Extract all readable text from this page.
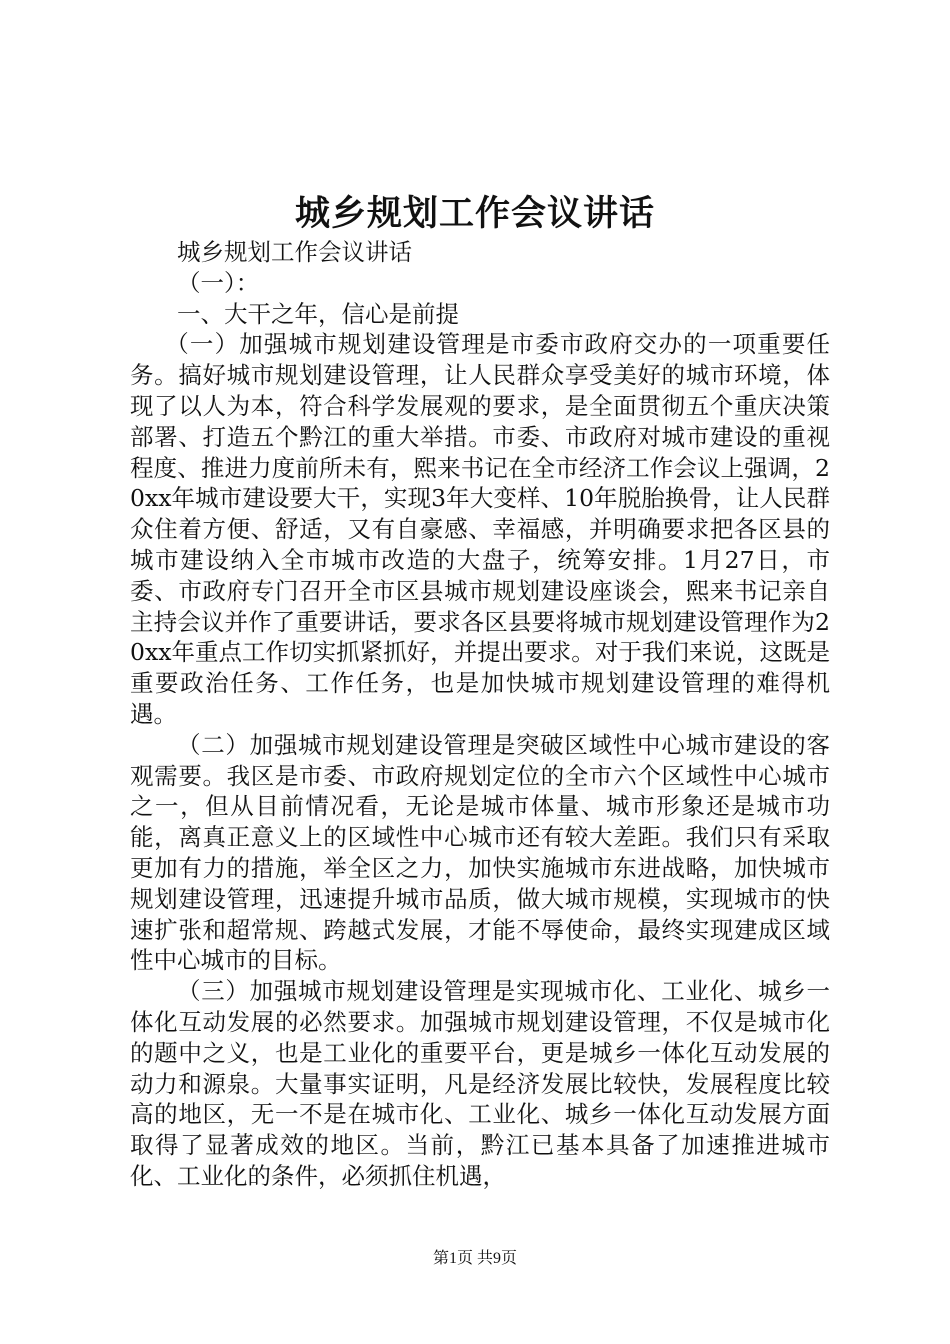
城乡规划工作会议讲话

城乡规划工作会议讲话

（一）：

一、大干之年，信心是前提

（一）加强城市规划建设管理是市委市政府交办的一项重要任务。搞好城市规划建设管理，让人民群众享受美好的城市环境，体现了以人为本，符合科学发展观的要求，是全面贯彻五个重庆决策部署、打造五个黔江的重大举措。市委、市政府对城市建设的重视程度、推进力度前所未有，熙来书记在全市经济工作会议上强调，20xx年城市建设要大干，实现3年大变样、10年脱胎换骨，让人民群众住着方便、舒适，又有自豪感、幸福感，并明确要求把各区县的城市建设纳入全市城市改造的大盘子，统筹安排。1月27日，市委、市政府专门召开全市区县城市规划建设座谈会，熙来书记亲自主持会议并作了重要讲话，要求各区县要将城市规划建设管理作为20xx年重点工作切实抓紧抓好，并提出要求。对于我们来说，这既是重要政治任务、工作任务，也是加快城市规划建设管理的难得机遇。

（二）加强城市规划建设管理是突破区域性中心城市建设的客观需要。我区是市委、市政府规划定位的全市六个区域性中心城市之一，但从目前情况看，无论是城市体量、城市形象还是城市功能，离真正意义上的区域性中心城市还有较大差距。我们只有采取更加有力的措施，举全区之力，加快实施城市东进战略，加快城市规划建设管理，迅速提升城市品质，做大城市规模，实现城市的快速扩张和超常规、跨越式发展，才能不辱使命，最终实现建成区域性中心城市的目标。

（三）加强城市规划建设管理是实现城市化、工业化、城乡一体化互动发展的必然要求。加强城市规划建设管理，不仅是城市化的题中之义，也是工业化的重要平台，更是城乡一体化互动发展的动力和源泉。大量事实证明，凡是经济发展比较快，发展程度比较高的地区，无一不是在城市化、工业化、城乡一体化互动发展方面取得了显著成效的地区。当前，黔江已基本具备了加速推进城市化、工业化的条件，必须抓住机遇，

第1页 共9页
